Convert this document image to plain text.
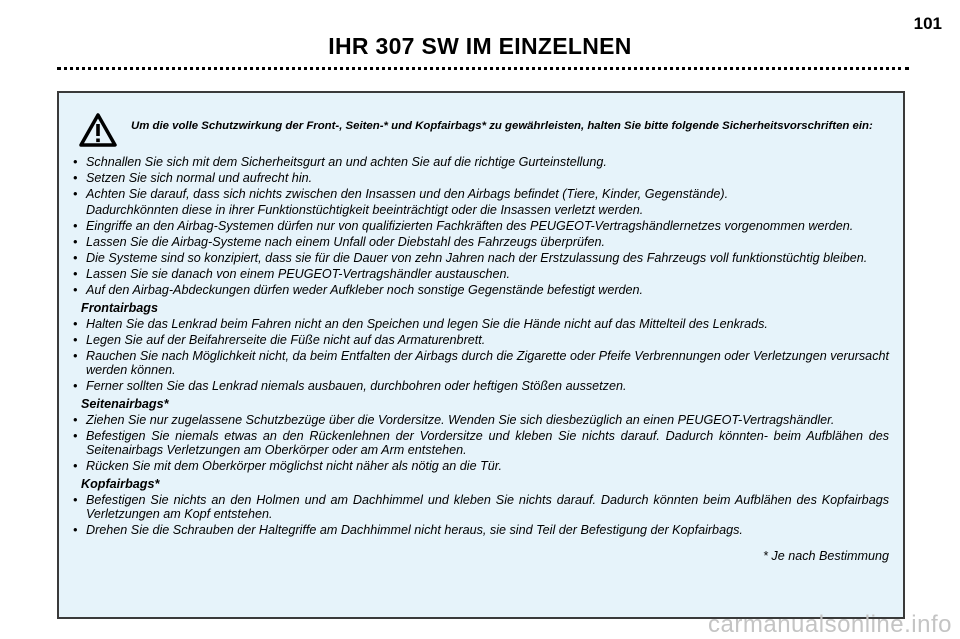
101
IHR 307 SW IM EINZELNEN
Um die volle Schutzwirkung der Front-, Seiten-* und Kopfairbags* zu gewährleisten, halten Sie bitte folgende Sicherheitsvorschriften ein:
• Schnallen Sie sich mit dem Sicherheitsgurt an und achten Sie auf die richtige Gurteinstellung.
• Setzen Sie sich normal und aufrecht hin.
• Achten Sie darauf, dass sich nichts zwischen den Insassen und den Airbags befindet (Tiere, Kinder, Gegenstände).
Dadurchkönnten diese in ihrer Funktionstüchtigkeit beeinträchtigt oder die Insassen verletzt werden.
• Eingriffe an den Airbag-Systemen dürfen nur von qualifizierten Fachkräften des PEUGEOT-Vertragshändlernetzes vorgenommen werden.
• Lassen Sie die Airbag-Systeme nach einem Unfall oder Diebstahl des Fahrzeugs überprüfen.
• Die Systeme sind so konzipiert, dass sie für die Dauer von zehn Jahren nach der Erstzulassung des Fahrzeugs voll funktionstüchtig bleiben.
• Lassen Sie sie danach von einem PEUGEOT-Vertragshändler austauschen.
• Auf den Airbag-Abdeckungen dürfen weder Aufkleber noch sonstige Gegenstände befestigt werden.
Frontairbags
• Halten Sie das Lenkrad beim Fahren nicht an den Speichen und legen Sie die Hände nicht auf das Mittelteil des Lenkrads.
• Legen Sie auf der Beifahrerseite die Füße nicht auf das Armaturenbrett.
• Rauchen Sie nach Möglichkeit nicht, da beim Entfalten der Airbags durch die Zigarette oder Pfeife Verbrennungen oder Verletzungen verursacht werden können.
• Ferner sollten Sie das Lenkrad niemals ausbauen, durchbohren oder heftigen Stößen aussetzen.
Seitenairbags*
• Ziehen Sie nur zugelassene Schutzbezüge über die Vordersitze. Wenden Sie sich diesbezüglich an einen PEUGEOT-Vertragshändler.
• Befestigen Sie niemals etwas an den Rückenlehnen der Vordersitze und kleben Sie nichts darauf. Dadurch könnten- beim Aufblähen des Seitenairbags Verletzungen am Oberkörper oder am Arm entstehen.
• Rücken Sie mit dem Oberkörper möglichst nicht näher als nötig an die Tür.
Kopfairbags*
• Befestigen Sie nichts an den Holmen und am Dachhimmel und kleben Sie nichts darauf. Dadurch könnten beim Aufblähen des Kopfairbags Verletzungen am Kopf entstehen.
• Drehen Sie die Schrauben der Haltegriffe am Dachhimmel nicht heraus, sie sind Teil der Befestigung der Kopfairbags.
* Je nach Bestimmung
carmanualsonline.info
